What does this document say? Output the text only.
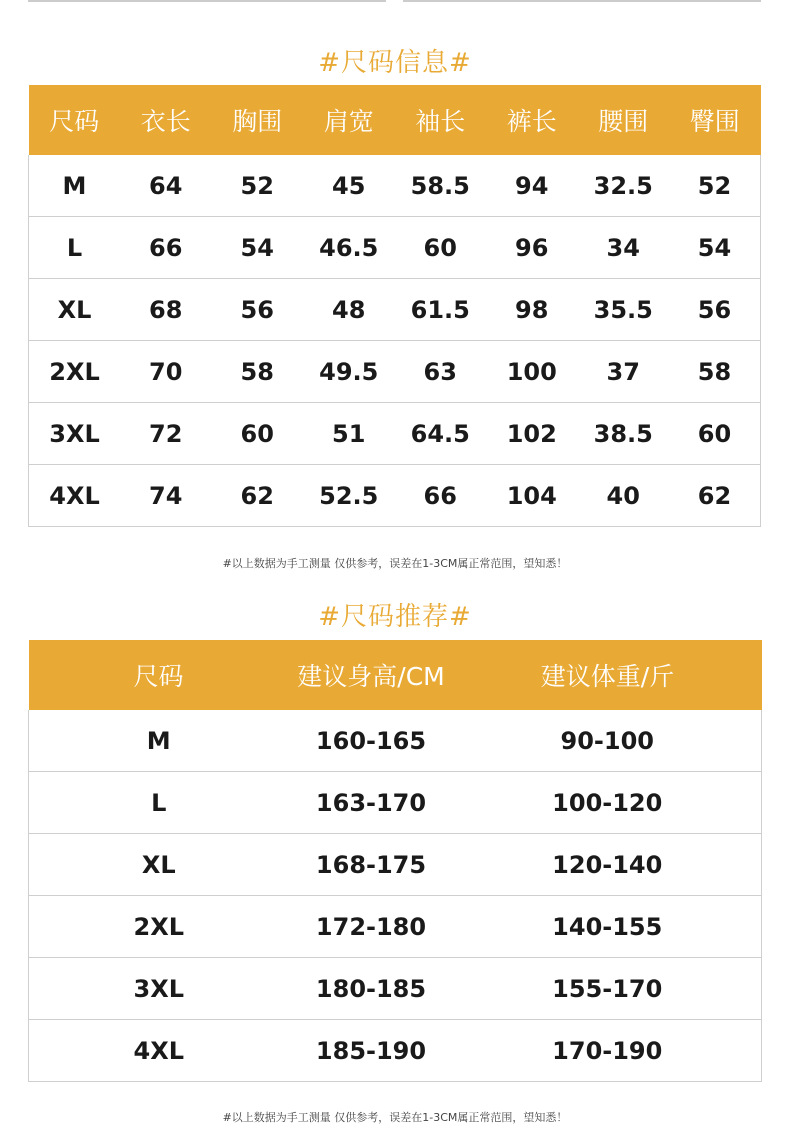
#尺码信息#
尺码	衣长	胸围	肩宽	袖长	裤长	腰围	臀围
M	64	52	45	58.5	94	32.5	52
L	66	54	46.5	60	96	34	54
XL	68	56	48	61.5	98	35.5	56
2XL	70	58	49.5	63	100	37	58
3XL	72	60	51	64.5	102	38.5	60
4XL	74	62	52.5	66	104	40	62
#以上数据为手工测量 仅供参考，误差在1-3CM属正常范围，望知悉！
#尺码推荐#
尺码	建议身高/CM	建议体重/斤
M	160-165	90-100
L	163-170	100-120
XL	168-175	120-140
2XL	172-180	140-155
3XL	180-185	155-170
4XL	185-190	170-190
#以上数据为手工测量 仅供参考，误差在1-3CM属正常范围，望知悉！
